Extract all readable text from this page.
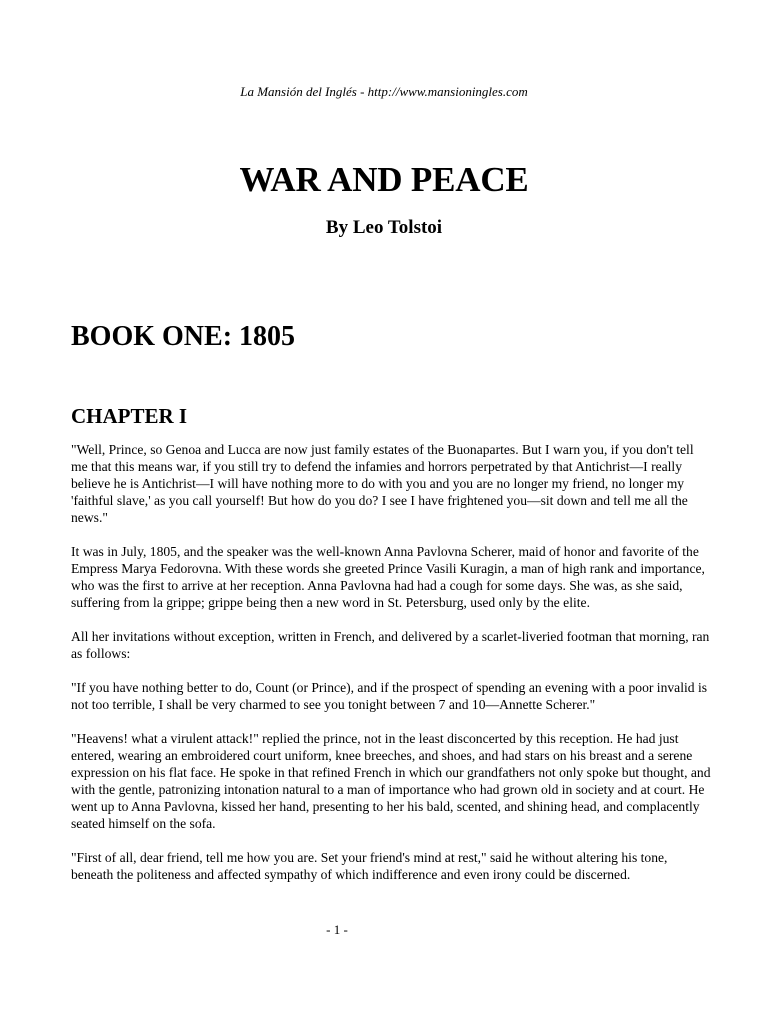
La Mansión del Inglés - http://www.mansioningles.com
WAR AND PEACE
By Leo Tolstoi
BOOK ONE: 1805
CHAPTER I

"Well, Prince, so Genoa and Lucca are now just family estates of the Buonapartes. But I warn you, if you don't tell me that this means war, if you still try to defend the infamies and horrors perpetrated by that Antichrist—I really believe he is Antichrist—I will have nothing more to do with you and you are no longer my friend, no longer my 'faithful slave,' as you call yourself! But how do you do? I see I have frightened you—sit down and tell me all the news."

It was in July, 1805, and the speaker was the well-known Anna Pavlovna Scherer, maid of honor and favorite of the Empress Marya Fedorovna. With these words she greeted Prince Vasili Kuragin, a man of high rank and importance, who was the first to arrive at her reception. Anna Pavlovna had had a cough for some days. She was, as she said, suffering from la grippe; grippe being then a new word in St. Petersburg, used only by the elite.

All her invitations without exception, written in French, and delivered by a scarlet-liveried footman that morning, ran as follows:

"If you have nothing better to do, Count (or Prince), and if the prospect of spending an evening with a poor invalid is not too terrible, I shall be very charmed to see you tonight between 7 and 10—Annette Scherer."

"Heavens! what a virulent attack!" replied the prince, not in the least disconcerted by this reception. He had just entered, wearing an embroidered court uniform, knee breeches, and shoes, and had stars on his breast and a serene expression on his flat face. He spoke in that refined French in which our grandfathers not only spoke but thought, and with the gentle, patronizing intonation natural to a man of importance who had grown old in society and at court. He went up to Anna Pavlovna, kissed her hand, presenting to her his bald, scented, and shining head, and complacently seated himself on the sofa.

"First of all, dear friend, tell me how you are. Set your friend's mind at rest," said he without altering his tone, beneath the politeness and affected sympathy of which indifference and even irony could be discerned.

- 1 -
